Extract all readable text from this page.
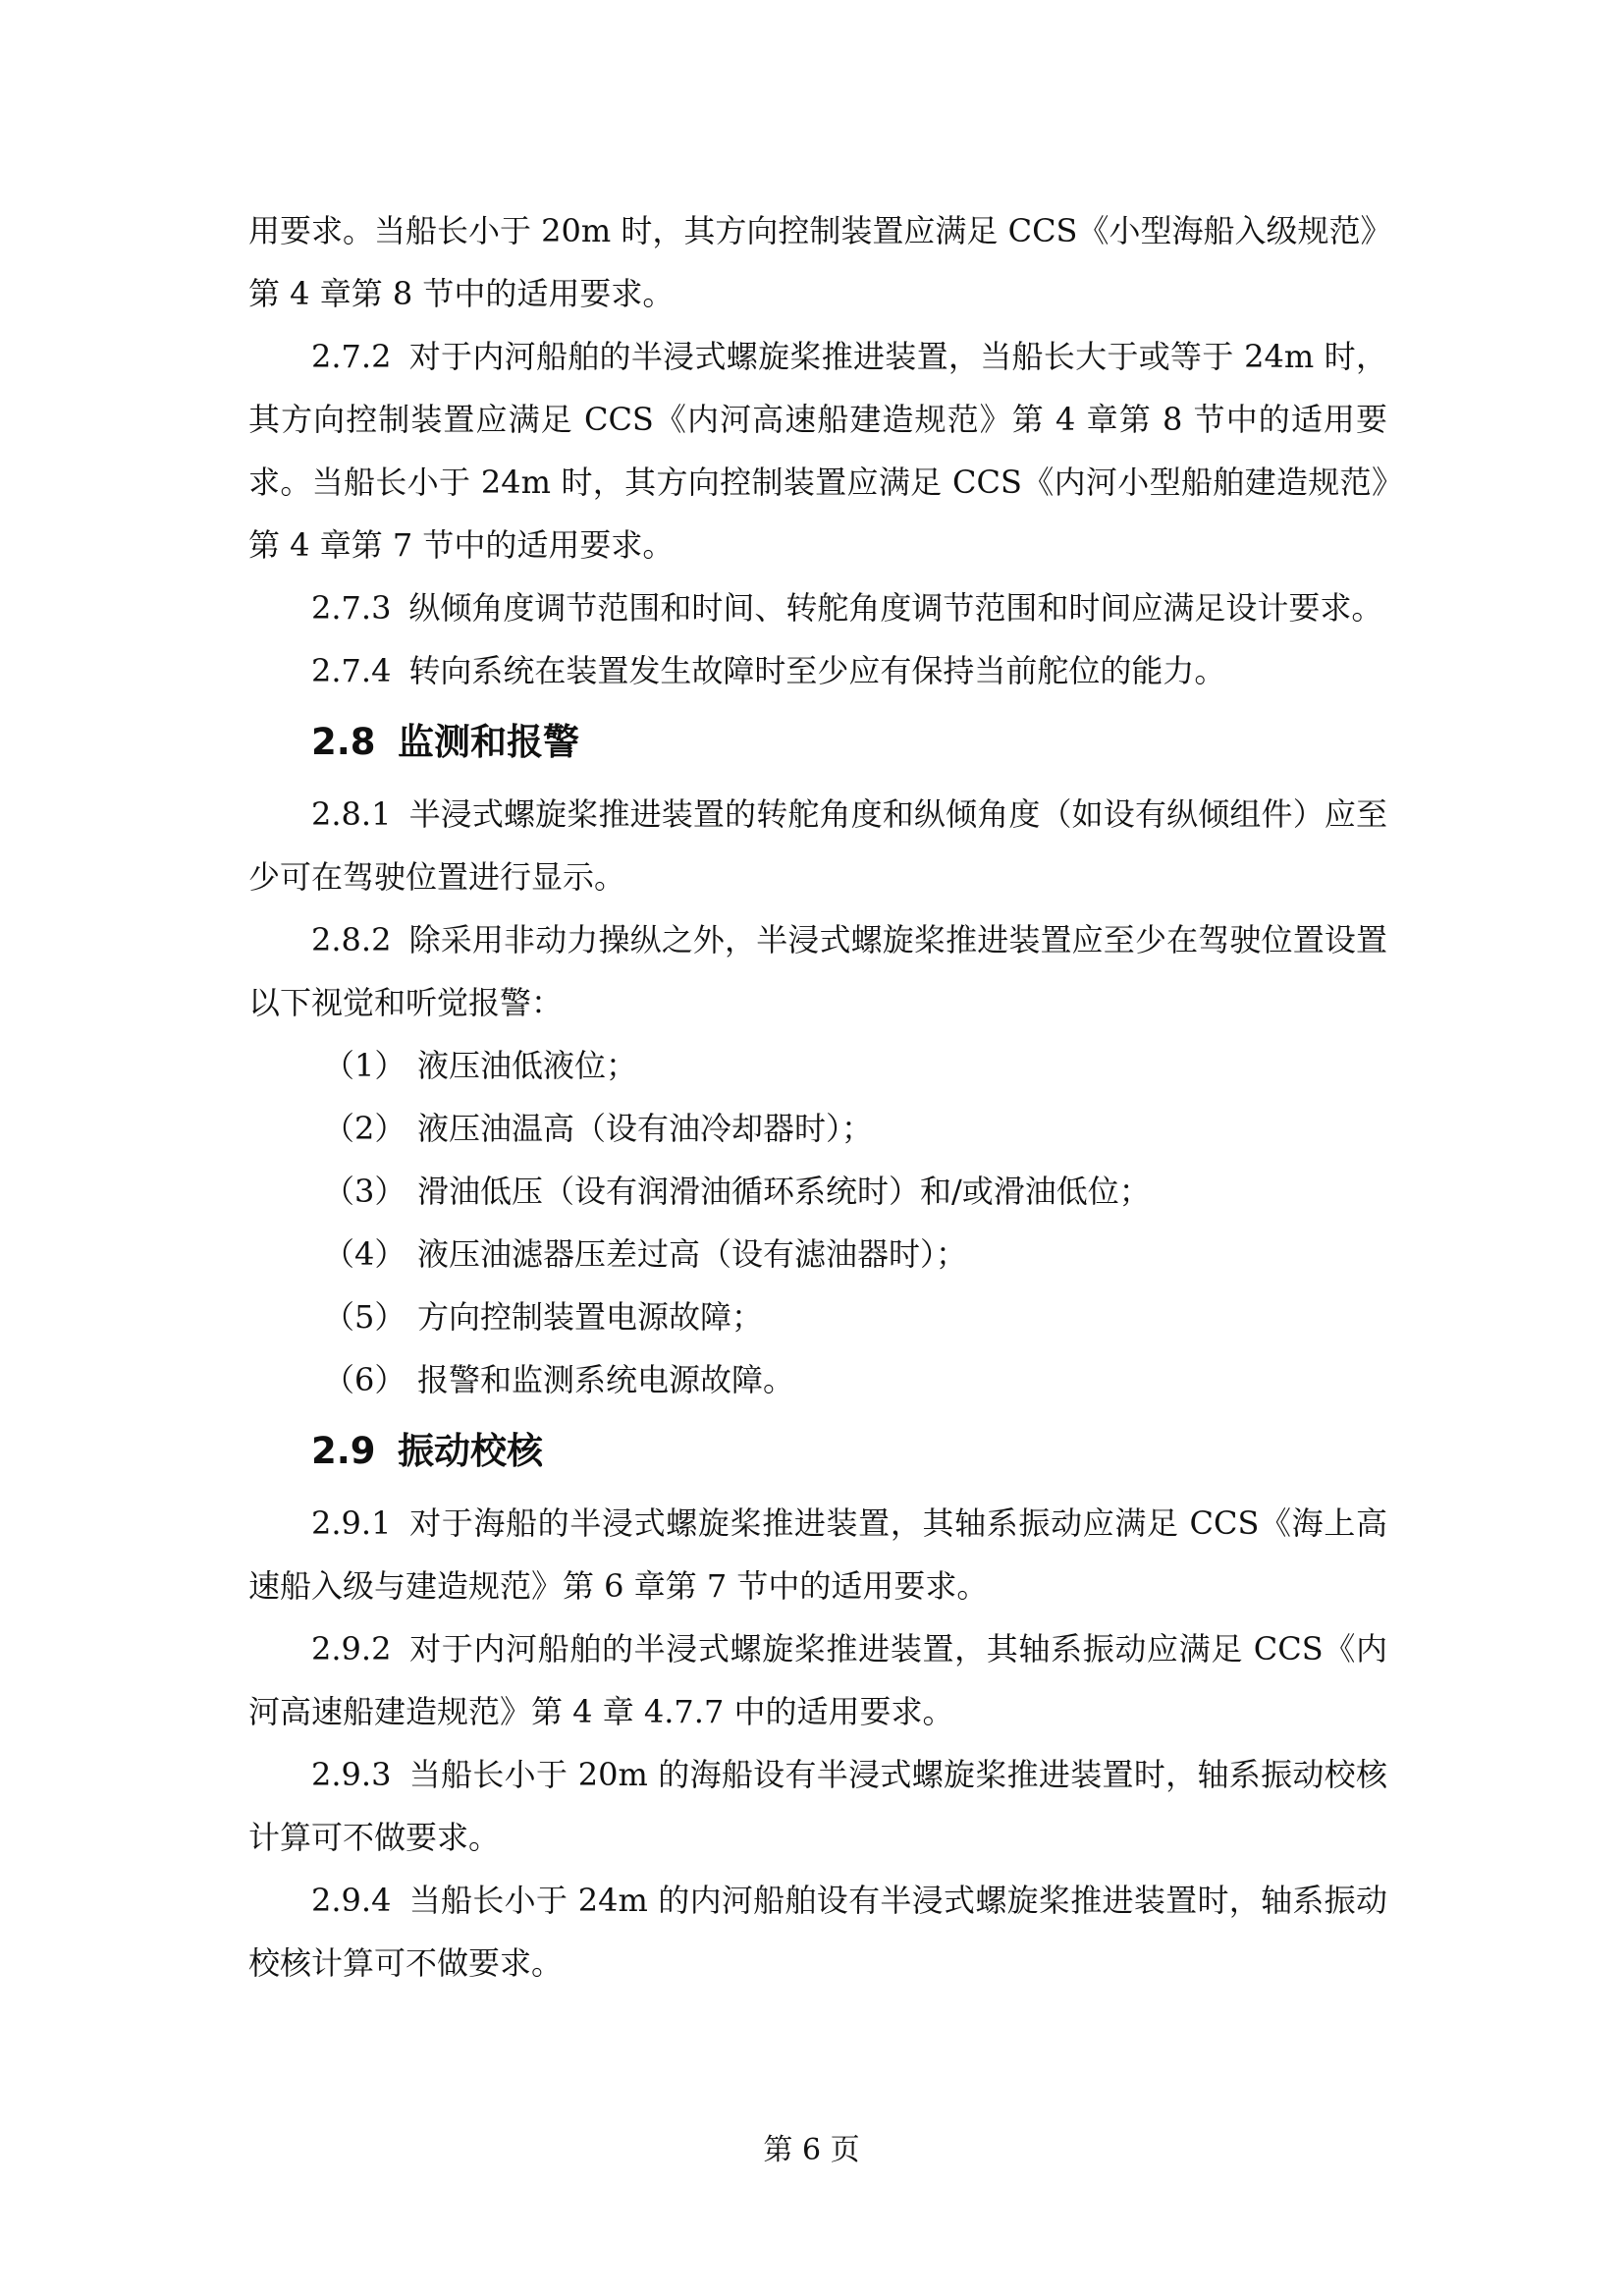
用要求。当船长小于 20m 时，其方向控制装置应满足 CCS《小型海船入级规范》
第 4 章第 8 节中的适用要求。

2.7.2 对于内河船舶的半浸式螺旋桨推进装置，当船长大于或等于 24m 时，其方向控制装置应满足 CCS《内河高速船建造规范》第 4 章第 8 节中的适用要求。当船长小于 24m 时，其方向控制装置应满足 CCS《内河小型船舶建造规范》第 4 章第 7 节中的适用要求。

2.7.3 纵倾角度调节范围和时间、转舵角度调节范围和时间应满足设计要求。

2.7.4 转向系统在装置发生故障时至少应有保持当前舵位的能力。

2.8 监测和报警

2.8.1 半浸式螺旋桨推进装置的转舵角度和纵倾角度（如设有纵倾组件）应至少可在驾驶位置进行显示。

2.8.2 除采用非动力操纵之外，半浸式螺旋桨推进装置应至少在驾驶位置设置以下视觉和听觉报警：

（1） 液压油低液位；

（2） 液压油温高（设有油冷却器时）；

（3） 滑油低压（设有润滑油循环系统时）和/或滑油低位；

（4） 液压油滤器压差过高（设有滤油器时）；

（5） 方向控制装置电源故障；

（6） 报警和监测系统电源故障。

2.9 振动校核

2.9.1 对于海船的半浸式螺旋桨推进装置，其轴系振动应满足 CCS《海上高速船入级与建造规范》第 6 章第 7 节中的适用要求。

2.9.2 对于内河船舶的半浸式螺旋桨推进装置，其轴系振动应满足 CCS《内河高速船建造规范》第 4 章 4.7.7 中的适用要求。

2.9.3 当船长小于 20m 的海船设有半浸式螺旋桨推进装置时，轴系振动校核计算可不做要求。

2.9.4 当船长小于 24m 的内河船舶设有半浸式螺旋桨推进装置时，轴系振动校核计算可不做要求。

第 6 页
